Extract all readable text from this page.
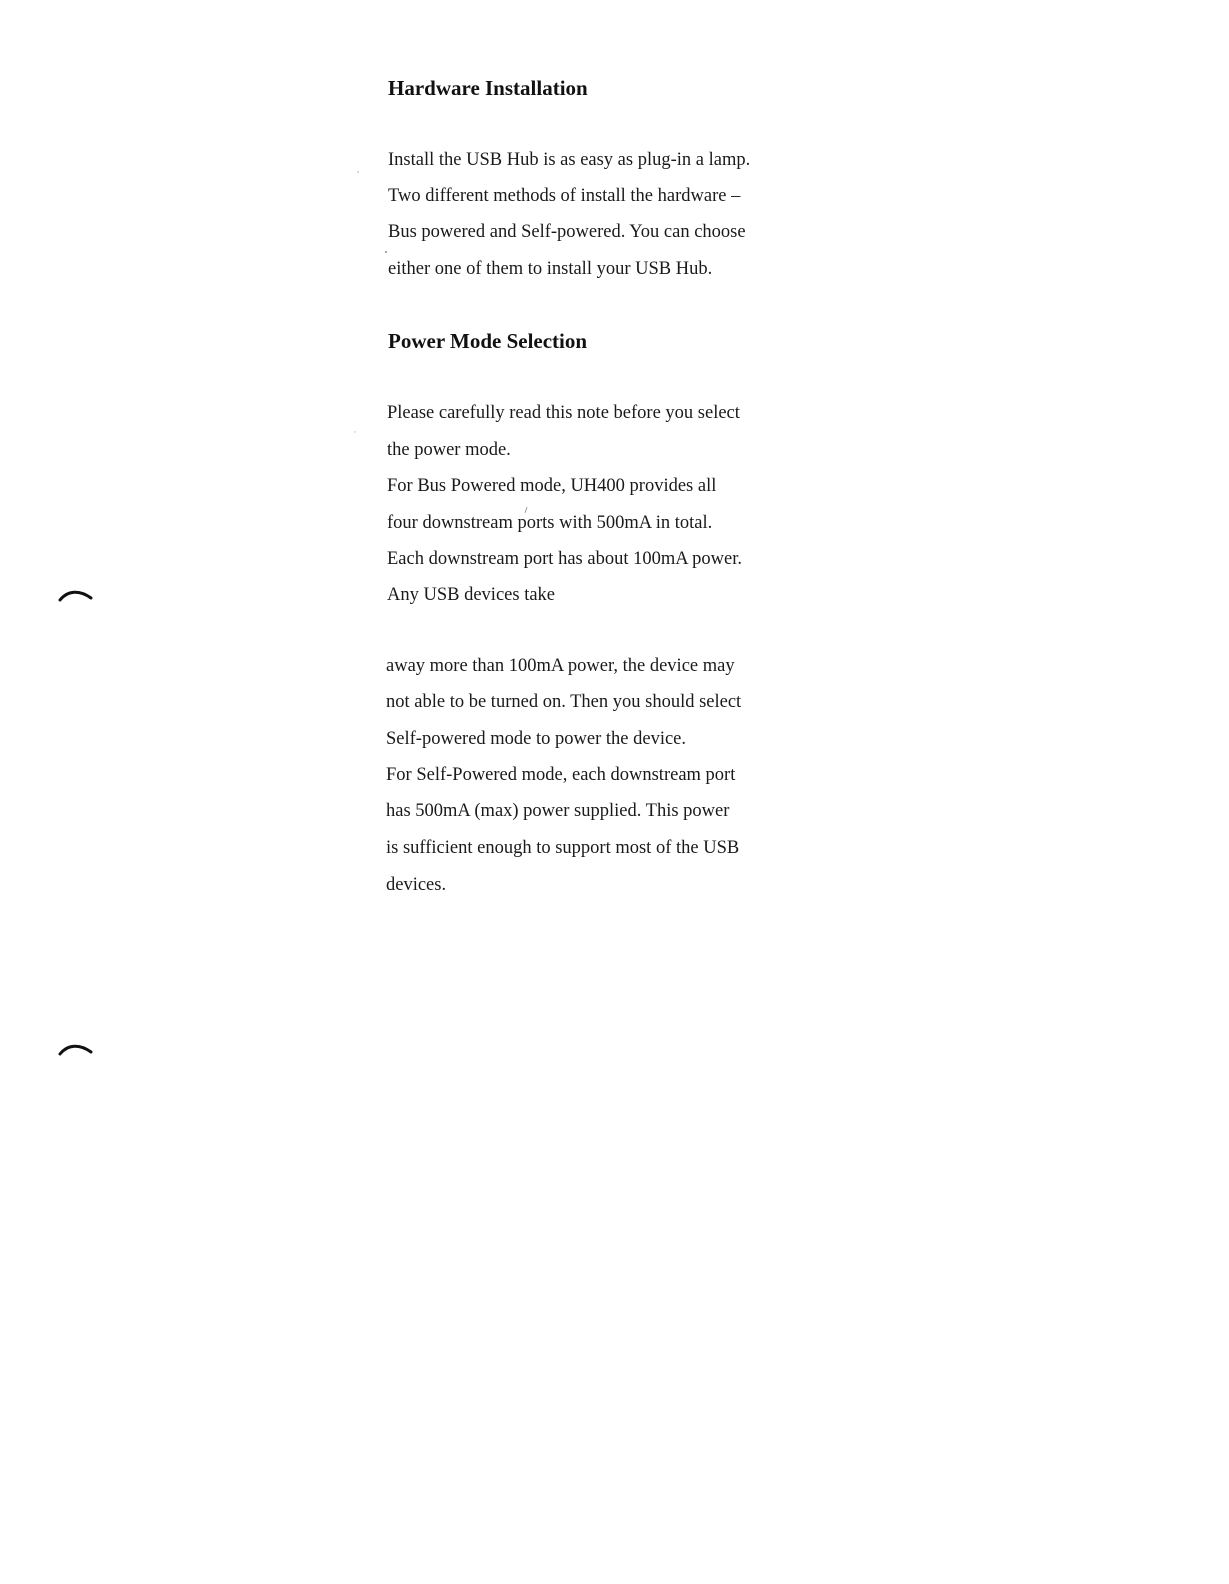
Hardware Installation

Install the USB Hub is as easy as plug-in a lamp.

Two different methods of install the hardware –

Bus powered and Self-powered. You can choose

either one of them to install your USB Hub.

Power Mode Selection

Please carefully read this note before you select

the power mode.

For Bus Powered mode, UH400 provides all

four downstream ports with 500mA in total.

Each downstream port has about 100mA power.

Any USB devices take

away more than 100mA power, the device may

not able to be turned on. Then you should select

Self-powered mode to power the device.

For Self-Powered mode, each downstream port

has 500mA (max) power supplied. This power

is sufficient enough to support most of the USB

devices.
